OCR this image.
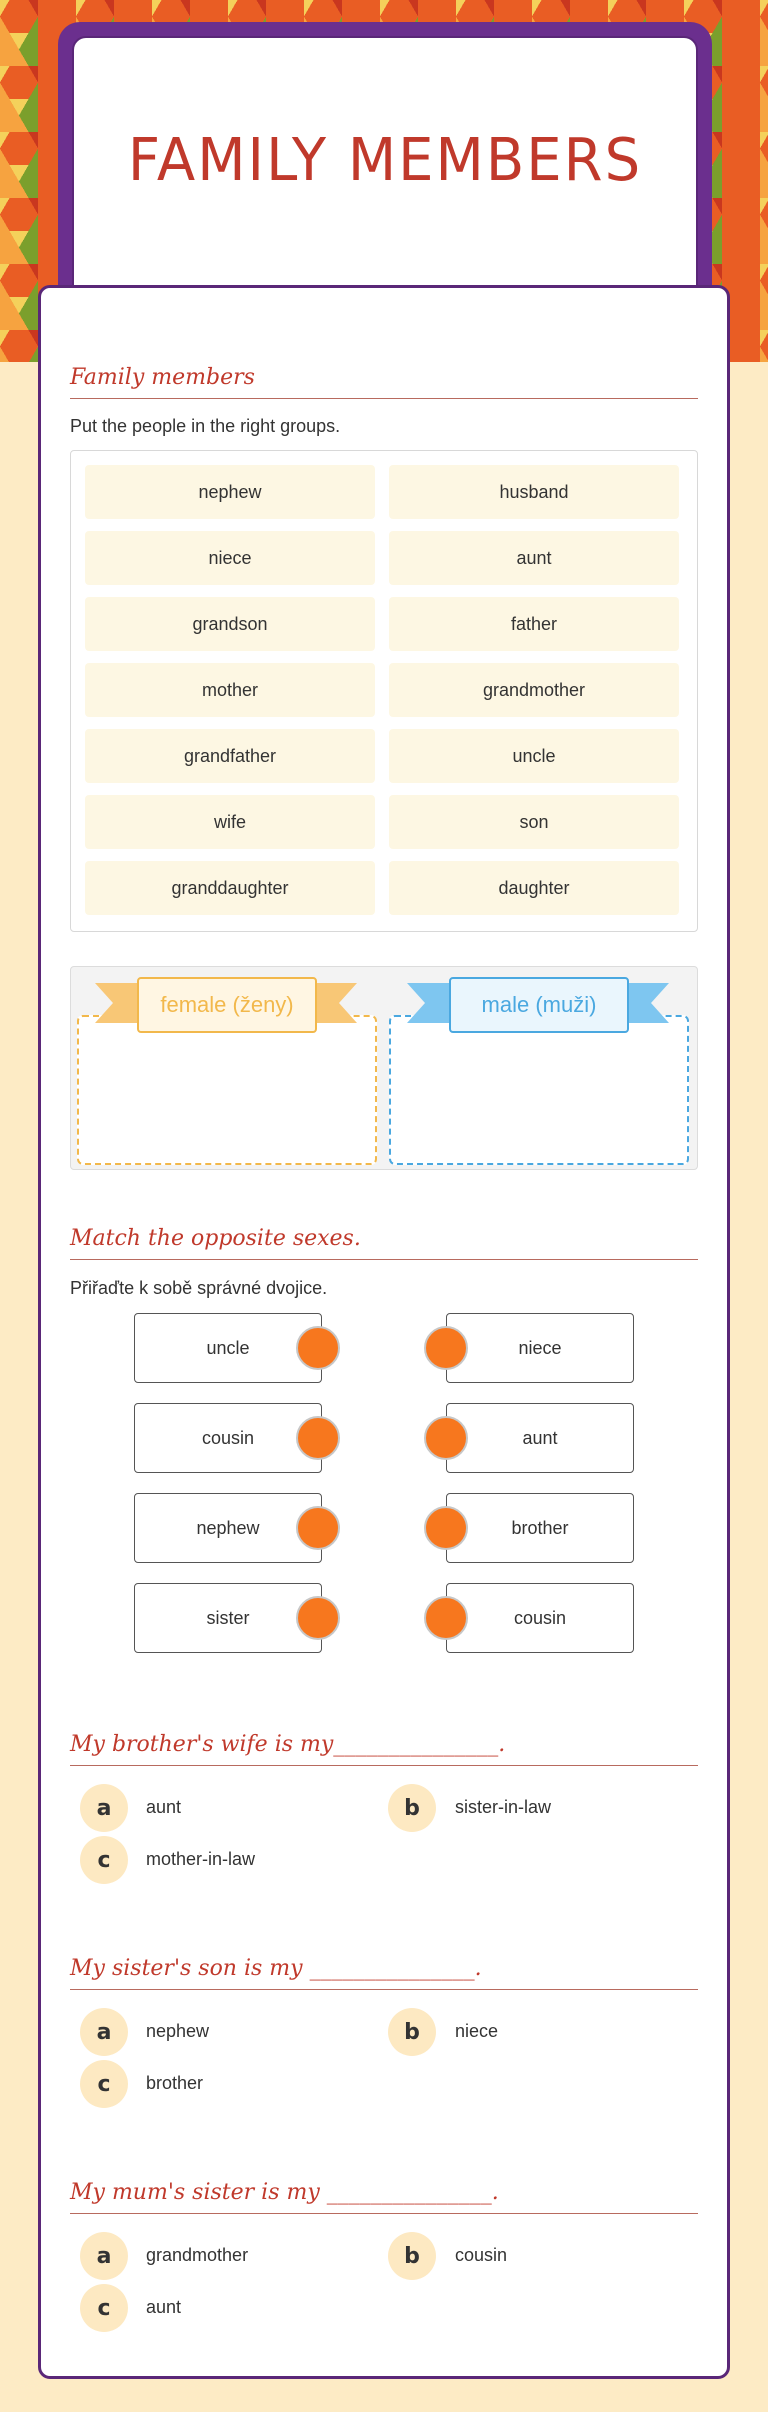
FAMILY MEMBERS
Family members
Put the people in the right groups.
nephew	husband
niece	aunt
grandson	father
mother	grandmother
grandfather	uncle
wife	son
granddaughter	daughter
female (ženy)	male (muži)
Match the opposite sexes.
Přiřaďte k sobě správné dvojice.
uncle	niece
cousin	aunt
nephew	brother
sister	cousin
My brother's wife is my_______________.
a	aunt	b	sister-in-law
c	mother-in-law
My sister's son is my _______________.
a	nephew	b	niece
c	brother
My mum's sister is my _______________.
a	grandmother	b	cousin
c	aunt
